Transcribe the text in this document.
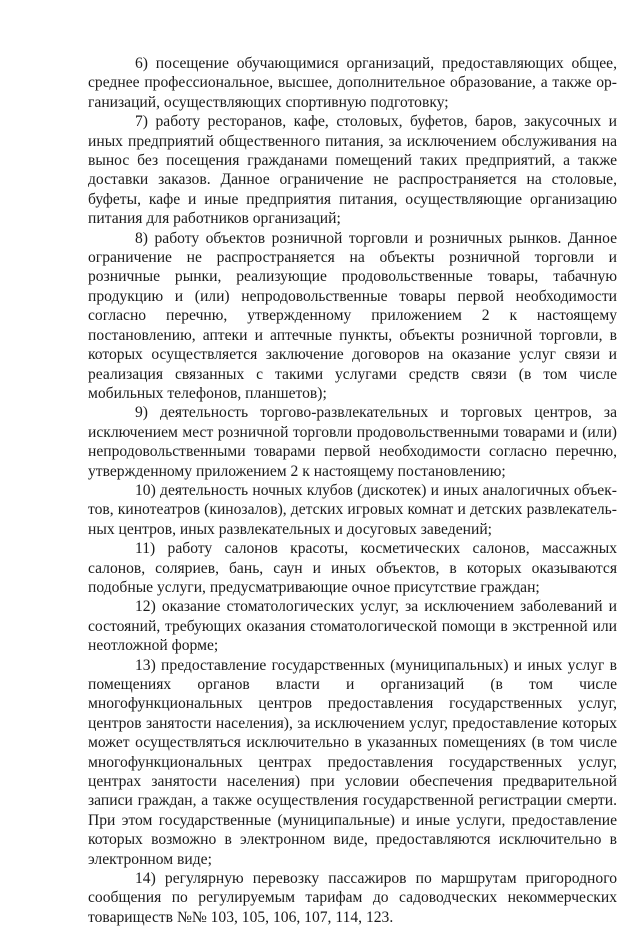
6) посещение обучающимися организаций, предоставляющих общее, среднее профессиональное, высшее, дополнительное образование, а также организаций, осуществляющих спортивную подготовку;

7) работу ресторанов, кафе, столовых, буфетов, баров, закусочных и иных предприятий общественного питания, за исключением обслуживания на вынос без посещения гражданами помещений таких предприятий, а также доставки заказов. Данное ограничение не распространяется на столовые, буфеты, кафе и иные предприятия питания, осуществляющие организацию питания для работников организаций;

8) работу объектов розничной торговли и розничных рынков. Данное ограничение не распространяется на объекты розничной торговли и розничные рынки, реализующие продовольственные товары, табачную продукцию и (или) непродовольственные товары первой необходимости согласно перечню, утвержденному приложением 2 к настоящему постановлению, аптеки и аптечные пункты, объекты розничной торговли, в которых осуществляется заключение договоров на оказание услуг связи и реализация связанных с такими услугами средств связи (в том числе мобильных телефонов, планшетов);

9) деятельность торгово-развлекательных и торговых центров, за исключением мест розничной торговли продовольственными товарами и (или) непродовольственными товарами первой необходимости согласно перечню, утвержденному приложением 2 к настоящему постановлению;

10) деятельность ночных клубов (дискотек) и иных аналогичных объектов, кинотеатров (кинозалов), детских игровых комнат и детских развлекательных центров, иных развлекательных и досуговых заведений;

11) работу салонов красоты, косметических салонов, массажных салонов, соляриев, бань, саун и иных объектов, в которых оказываются подобные услуги, предусматривающие очное присутствие граждан;

12) оказание стоматологических услуг, за исключением заболеваний и состояний, требующих оказания стоматологической помощи в экстренной или неотложной форме;

13) предоставление государственных (муниципальных) и иных услуг в помещениях органов власти и организаций (в том числе многофункциональных центров предоставления государственных услуг, центров занятости населения), за исключением услуг, предоставление которых может осуществляться исключительно в указанных помещениях (в том числе многофункциональных центрах предоставления государственных услуг, центрах занятости населения) при условии обеспечения предварительной записи граждан, а также осуществления государственной регистрации смерти. При этом государственные (муниципальные) и иные услуги, предоставление которых возможно в электронном виде, предоставляются исключительно в электронном виде;

14) регулярную перевозку пассажиров по маршрутам пригородного сообщения по регулируемым тарифам до садоводческих некоммерческих товариществ №№ 103, 105, 106, 107, 114, 123.
